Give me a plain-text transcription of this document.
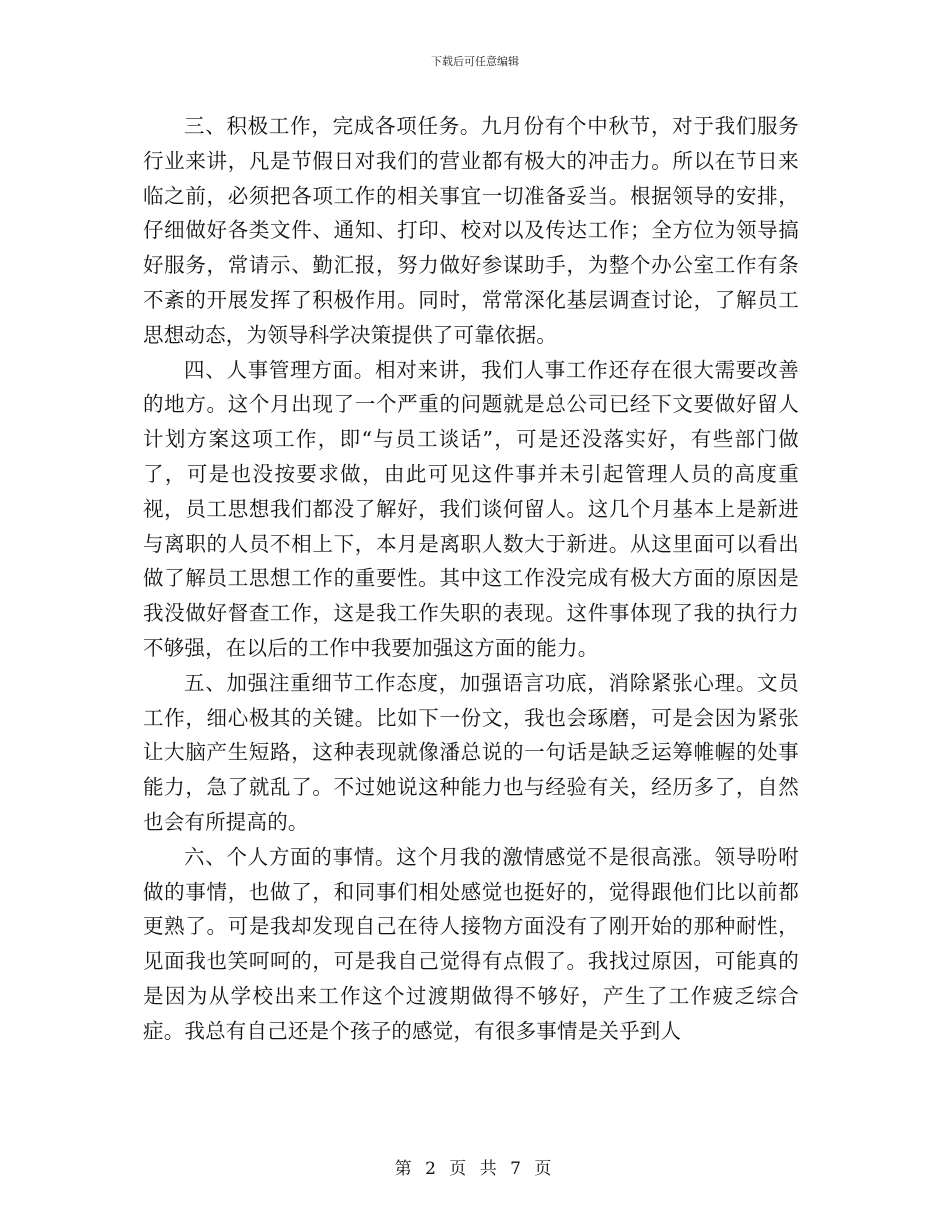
下载后可任意编辑

三、积极工作，完成各项任务。九月份有个中秋节，对于我们服务行业来讲，凡是节假日对我们的营业都有极大的冲击力。所以在节日来临之前，必须把各项工作的相关事宜一切准备妥当。根据领导的安排，仔细做好各类文件、通知、打印、校对以及传达工作；全方位为领导搞好服务，常请示、勤汇报，努力做好参谋助手，为整个办公室工作有条不紊的开展发挥了积极作用。同时，常常深化基层调查讨论，了解员工思想动态，为领导科学决策提供了可靠依据。

四、人事管理方面。相对来讲，我们人事工作还存在很大需要改善的地方。这个月出现了一个严重的问题就是总公司已经下文要做好留人计划方案这项工作，即“与员工谈话”，可是还没落实好，有些部门做了，可是也没按要求做，由此可见这件事并未引起管理人员的高度重视，员工思想我们都没了解好，我们谈何留人。这几个月基本上是新进与离职的人员不相上下，本月是离职人数大于新进。从这里面可以看出做了解员工思想工作的重要性。其中这工作没完成有极大方面的原因是我没做好督查工作，这是我工作失职的表现。这件事体现了我的执行力不够强，在以后的工作中我要加强这方面的能力。

五、加强注重细节工作态度，加强语言功底，消除紧张心理。文员工作，细心极其的关键。比如下一份文，我也会琢磨，可是会因为紧张让大脑产生短路，这种表现就像潘总说的一句话是缺乏运筹帷幄的处事能力，急了就乱了。不过她说这种能力也与经验有关，经历多了，自然也会有所提高的。

六、个人方面的事情。这个月我的激情感觉不是很高涨。领导吩咐做的事情，也做了，和同事们相处感觉也挺好的，觉得跟他们比以前都更熟了。可是我却发现自己在待人接物方面没有了刚开始的那种耐性，见面我也笑呵呵的，可是我自己觉得有点假了。我找过原因，可能真的是因为从学校出来工作这个过渡期做得不够好，产生了工作疲乏综合症。我总有自己还是个孩子的感觉，有很多事情是关乎到人

第 2 页 共 7 页
